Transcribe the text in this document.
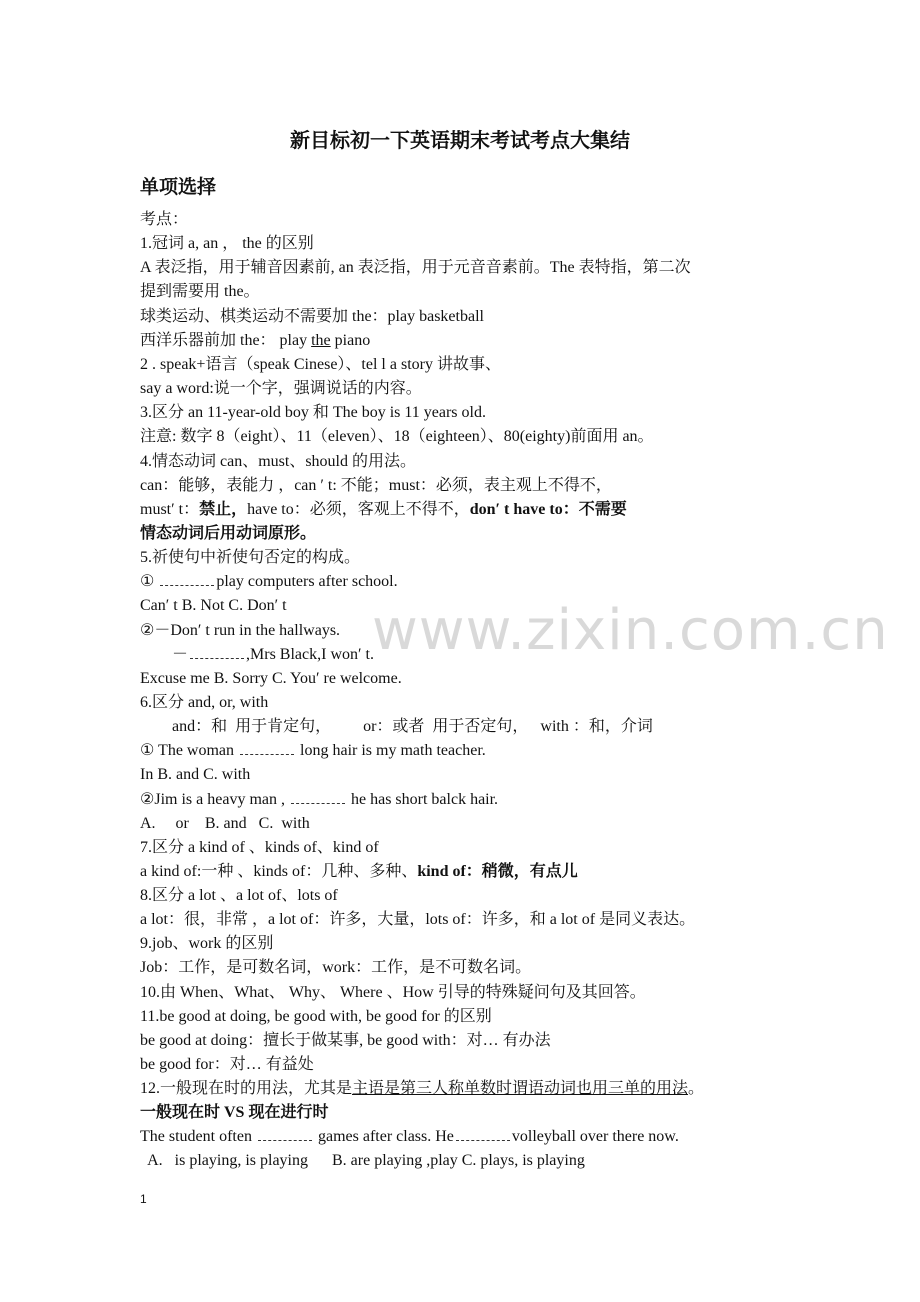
www.zixin.com.cn
新目标初一下英语期末考试考点大集结
单项选择
考点：
1.冠词 a, an ， the 的区别
A 表泛指，用于辅音因素前, an 表泛指，用于元音音素前。The 表特指，第二次
提到需要用 the。
球类运动、棋类运动不需要加 the：play basketball
西洋乐器前加 the： play the piano
2 . speak+语言（speak Cinese）、tel l a story 讲故事、
say a word:说一个字，强调说话的内容。
3.区分 an 11-year-old boy 和 The boy is 11 years old.
注意: 数字 8（eight）、11（eleven）、18（eighteen）、80(eighty)前面用 an。
4.情态动词 can、must、should 的用法。
can：能够，表能力 ，can ′ t: 不能；must：必须，表主观上不得不，
must′ t：禁止，have to：必须，客观上不得不，don′ t have to：不需要
情态动词后用动词原形。
5.祈使句中祈使句否定的构成。
①	play computers after school.
Can′ t B. Not C. Don′ t
②－Don′ t run in the hallways.
－	,Mrs Black,I won′ t.
Excuse me B. Sorry C. You′ re welcome.
6.区分 and, or, with
and：和  用于肯定句，        or：或者  用于否定句，   with ：和，介词
① The woman	long hair is my math teacher.
In B. and C. with
②Jim is a heavy man ,	he has short balck hair.
A.     or    B. and   C.  with
7.区分 a kind of 、kinds of、kind of
a kind of:一种 、kinds of：几种、多种、kind of：稍微，有点儿
8.区分 a lot 、a lot of、lots of
a lot：很，非常 ，a lot of：许多，大量，lots of：许多，和 a lot of 是同义表达。
9.job、work 的区别
Job：工作，是可数名词，work：工作，是不可数名词。
10.由 When、What、 Why、 Where 、How 引导的特殊疑问句及其回答。
11.be good at doing, be good with, be good for 的区别
be good at doing：擅长于做某事, be good with：对… 有办法
be good for：对… 有益处
12.一般现在时的用法，尤其是主语是第三人称单数时谓语动词也用三单的用法。
一般现在时 VS 现在进行时
The student often	games after class. He	volleyball over there now.
A.   is playing, is playing      B. are playing ,play C. plays, is playing
1
